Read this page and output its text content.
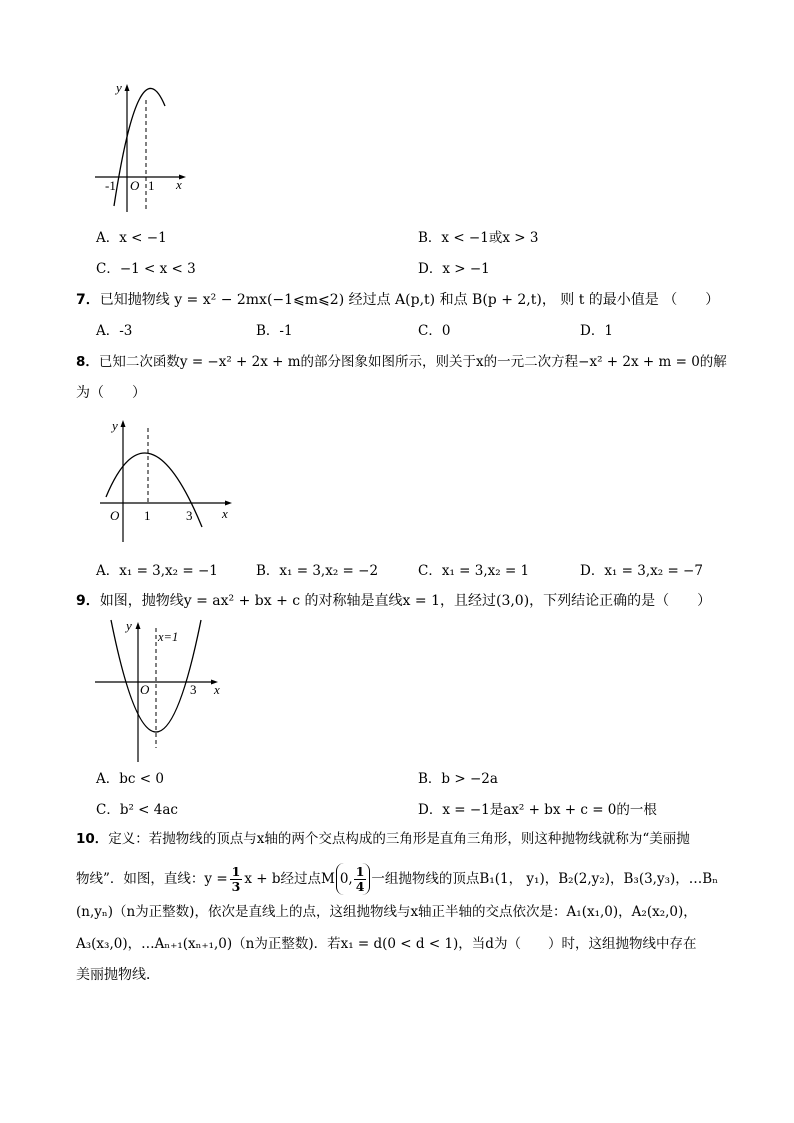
y
x
-1 O 1
A．x < −1	B．x < −1或x > 3
C．−1 < x < 3	D．x > −1
7．已知抛物线 y = x² − 2mx(−1⩽m⩽2) 经过点 A(p,t) 和点 B(p + 2,t)， 则 t 的最小值是 （　　）
A．-3	B．-1	C．0	D．1
8．已知二次函数y = −x² + 2x + m的部分图象如图所示，则关于x的一元二次方程−x² + 2x + m = 0的解
为（　　）
y
x
O 1	3
A．x₁ = 3,x₂ = −1	B．x₁ = 3,x₂ = −2	C．x₁ = 3,x₂ = 1	D．x₁ = 3,x₂ = −7
9．如图，抛物线y = ax² + bx + c 的对称轴是直线x = 1，且经过(3,0)，下列结论正确的是（　　）
y
x=1
x
O	3
A．bc < 0	B．b > −2a
C．b² < 4ac	D．x = −1是ax² + bx + c = 0的一根
10．定义：若抛物线的顶点与x轴的两个交点构成的三角形是直角三角形，则这种抛物线就称为“美丽抛
物线”．如图，直线：$y = \frac{1}{3}$ x + b经过点M 0, $\frac{1}{4}$ 一组抛物线的顶点B₁(1， y₁)，B₂(2,y₂)，B₃(3,y₃)，…Bₙ
(n,yₙ)（n为正整数)，依次是直线上的点，这组抛物线与x轴正半轴的交点依次是：A₁(x₁,0)，A₂(x₂,0)，
A₃(x₃,0)，…Aₙ₊₁(xₙ₊₁,0)（n为正整数)．若x₁ = d(0 < d < 1)，当d为（　　）时，这组抛物线中存在
美丽抛物线．
